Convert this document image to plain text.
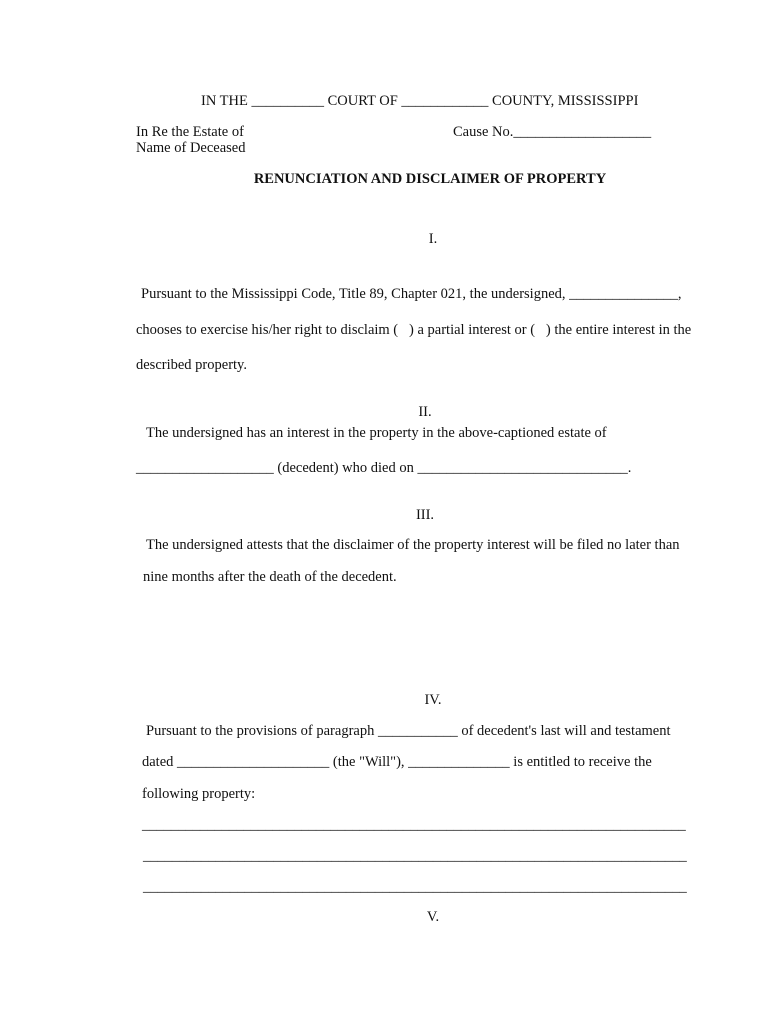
IN THE __________ COURT OF ____________ COUNTY, MISSISSIPPI
In Re the Estate of	Cause No.___________________
Name of Deceased
RENUNCIATION AND DISCLAIMER OF PROPERTY
I.
Pursuant to the Mississippi Code, Title 89, Chapter 021, the undersigned, _______________,
chooses to exercise his/her right to disclaim (   ) a partial interest or (   ) the entire interest in the
described property.
II.
The undersigned has an interest in the property in the above-captioned estate of
___________________ (decedent) who died on _____________________________.
III.
The undersigned attests that the disclaimer of the property interest will be filed no later than
nine months after the death of the decedent.
IV.
Pursuant to the provisions of paragraph ___________ of decedent's last will and testament
dated _____________________ (the "Will"), ______________ is entitled to receive the
following property:
___________________________________________________________________________
___________________________________________________________________________
___________________________________________________________________________
V.
